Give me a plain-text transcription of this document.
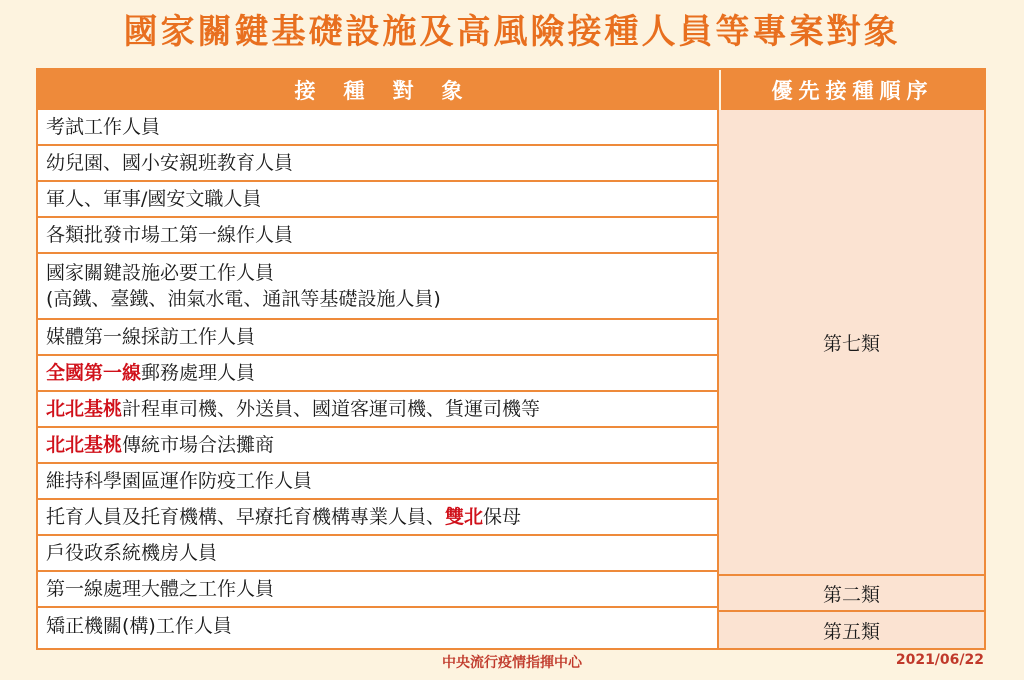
國家關鍵基礎設施及高風險接種人員等專案對象
接種對象	優先接種順序
考試工作人員
幼兒園、國小安親班教育人員
軍人、軍事/國安文職人員
各類批發市場工第一線作人員
國家關鍵設施必要工作人員
(高鐵、臺鐵、油氣水電、通訊等基礎設施人員)
媒體第一線採訪工作人員
全國第一線郵務處理人員
北北基桃計程車司機、外送員、國道客運司機、貨運司機等
北北基桃傳統市場合法攤商
維持科學園區運作防疫工作人員
托育人員及托育機構、早療托育機構專業人員、雙北保母
戶役政系統機房人員
第一線處理大體之工作人員
矯正機關(構)工作人員
第七類
第二類
第五類
中央流行疫情指揮中心	2021/06/22
